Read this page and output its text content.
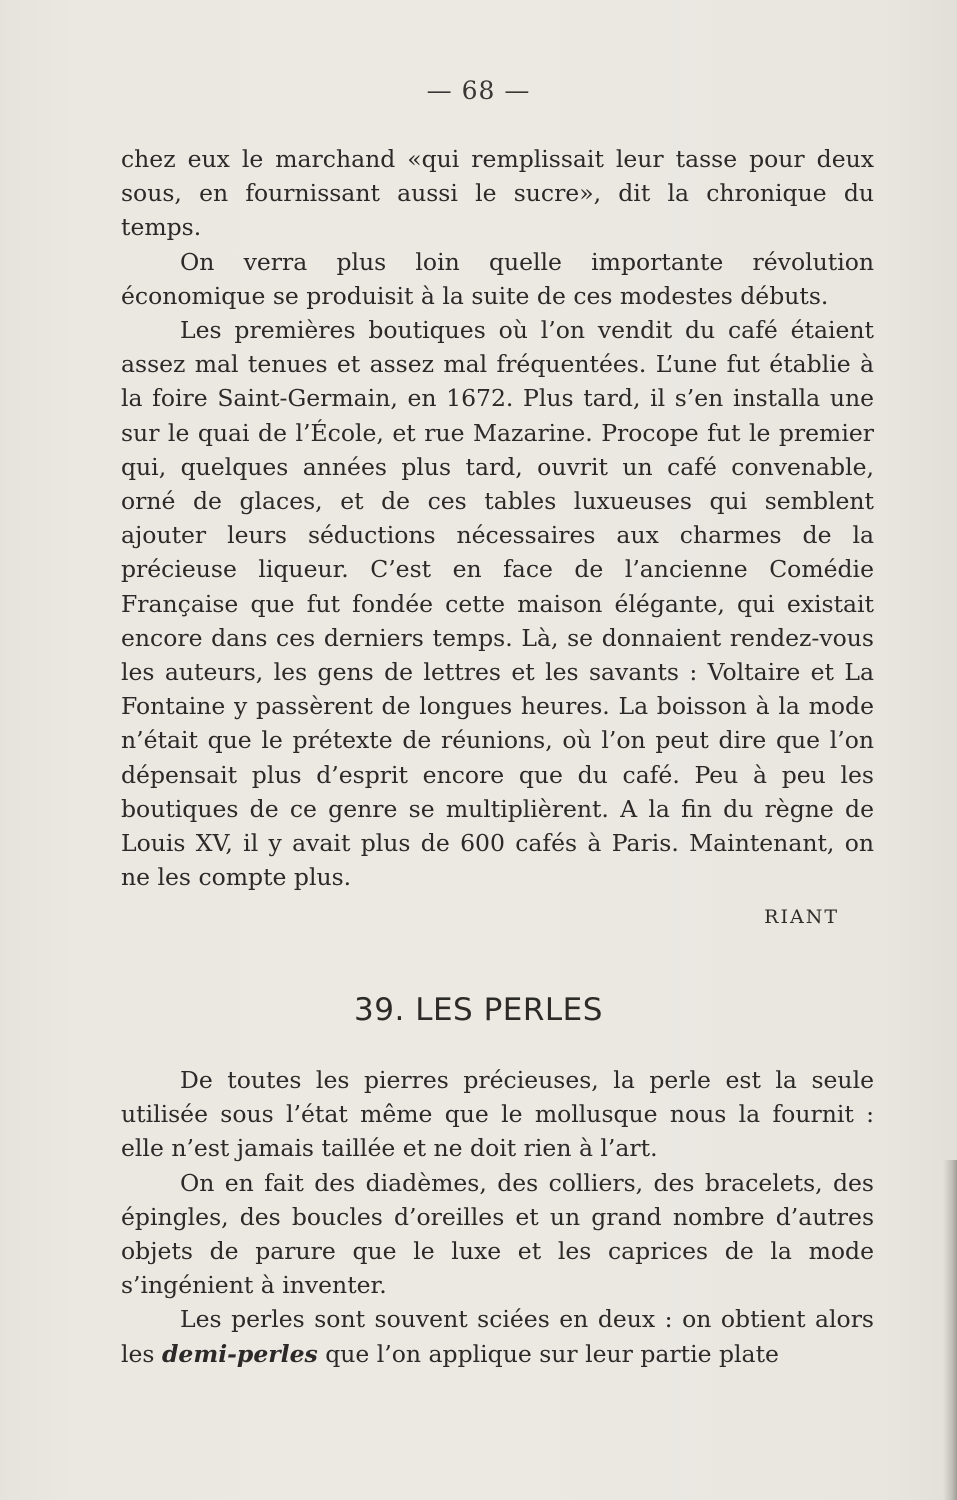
— 68 —

chez eux le marchand «qui remplissait leur tasse pour deux sous, en fournissant aussi le sucre», dit la chronique du temps.

On verra plus loin quelle importante révolution économique se produisit à la suite de ces modestes débuts.

Les premières boutiques où l’on vendit du café étaient assez mal tenues et assez mal fréquentées. L’une fut établie à la foire Saint-Germain, en 1672. Plus tard, il s’en installa une sur le quai de l’École, et rue Mazarine. Procope fut le premier qui, quelques années plus tard, ouvrit un café convenable, orné de glaces, et de ces tables luxueuses qui semblent ajouter leurs séductions nécessaires aux charmes de la précieuse liqueur. C’est en face de l’ancienne Comédie Française que fut fondée cette maison élégante, qui existait encore dans ces derniers temps. Là, se donnaient rendez-vous les auteurs, les gens de lettres et les savants : Voltaire et La Fontaine y passèrent de longues heures. La boisson à la mode n’était que le prétexte de réunions, où l’on peut dire que l’on dépensait plus d’esprit encore que du café. Peu à peu les boutiques de ce genre se multiplièrent. A la fin du règne de Louis XV, il y avait plus de 600 cafés à Paris. Maintenant, on ne les compte plus.

RIANT
39. LES PERLES

De toutes les pierres précieuses, la perle est la seule utilisée sous l’état même que le mollusque nous la fournit : elle n’est jamais taillée et ne doit rien à l’art.

On en fait des diadèmes, des colliers, des bracelets, des épingles, des boucles d’oreilles et un grand nombre d’autres objets de parure que le luxe et les caprices de la mode s’ingénient à inventer.

Les perles sont souvent sciées en deux : on obtient alors les demi-perles que l’on applique sur leur partie plate
